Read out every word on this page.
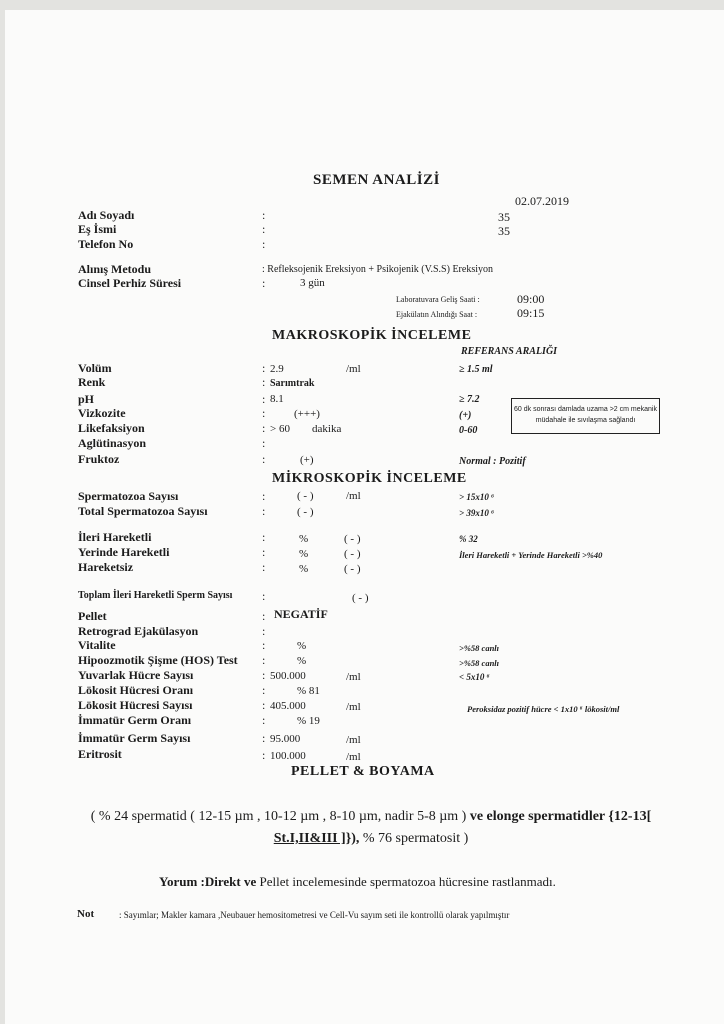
SEMEN ANALİZİ
02.07.2019
Adı Soyadı	:	35
Eş İsmi	:	35
Telefon No	:
Alınış Metodu	: Refleksojenik Ereksiyon + Psikojenik (V.S.S) Ereksiyon
Cinsel Perhiz Süresi	:	3 gün
Laboratuvara Geliş Saati :	09:00
Ejakülatın Alındığı Saat :	09:15
MAKROSKOPİK İNCELEME
REFERANS ARALIĞI
Volüm	: 2.9	/ml	≥ 1.5 ml
Renk	: Sarımtrak
pH	: 8.1	≥ 7.2
Vizkozite	:	(+++)	(+)
Likefaksiyon	: > 60 dakika	0-60
Aglütinasyon	:
Fruktoz	:	(+)	Normal : Pozitif
60 dk sonrası damlada uzama >2 cm mekanik müdahale ile sıvılaşma sağlandı
MİKROSKOPİK İNCELEME
Spermatozoa Sayısı	:	( - )	/ml	> 15x10 ⁶
Total Spermatozoa Sayısı	:	( - )	> 39x10 ⁶
İleri Hareketli	:	%	( - )	% 32
Yerinde Hareketli	:	%	( - )	İleri Hareketli + Yerinde Hareketli >%40
Hareketsiz	:	%	( - )
Toplam İleri Hareketli Sperm Sayısı :	( - )
Pellet	: NEGATİF
Retrograd Ejakülasyon	:
Vitalite	:	%	>%58 canlı
Hipoozmotik Şişme (HOS) Test :	%	>%58 canlı
Yuvarlak Hücre Sayısı	: 500.000	/ml	< 5x10 ⁶
Lökosit Hücresi Oranı	:	% 81
Lökosit Hücresi Sayısı	: 405.000	/ml	Peroksidaz pozitif hücre < 1x10 ⁶ lökosit/ml
İmmatür Germ Oranı	:	% 19
İmmatür Germ Sayısı	: 95.000	/ml
Eritrosit	: 100.000	/ml
PELLET & BOYAMA
( % 24 spermatid ( 12-15 µm , 10-12 µm , 8-10 µm, nadir 5-8 µm ) ve elonge spermatidler {12-13[ St.I,II&III ]}), % 76 spermatosit )
Yorum :Direkt ve Pellet incelemesinde spermatozoa hücresine rastlanmadı.
Not	: Sayımlar; Makler kamara ,Neubauer hemositometresi ve Cell-Vu sayım seti ile kontrollü olarak yapılmıştır
